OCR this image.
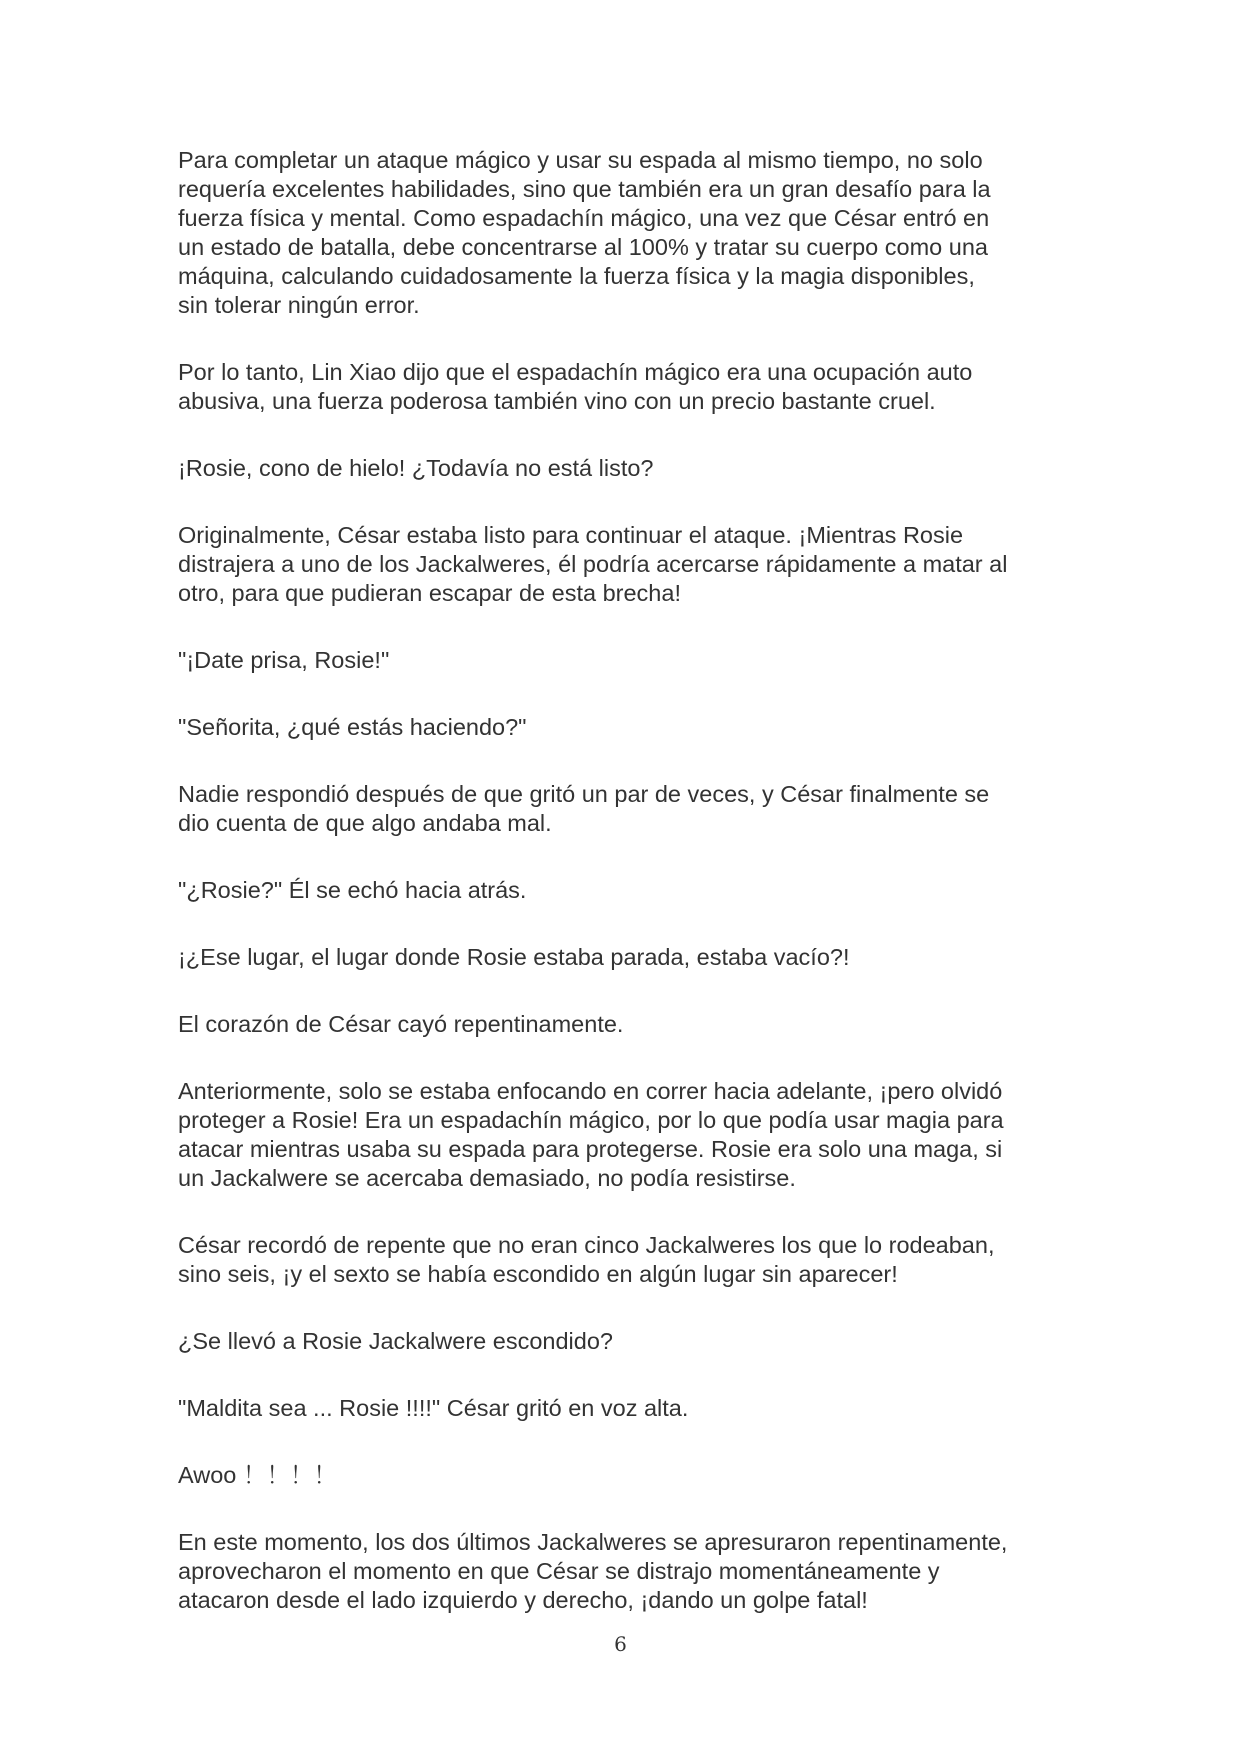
Para completar un ataque mágico y usar su espada al mismo tiempo, no solo
requería excelentes habilidades, sino que también era un gran desafío para la
fuerza física y mental. Como espadachín mágico, una vez que César entró en
un estado de batalla, debe concentrarse al 100% y tratar su cuerpo como una
máquina, calculando cuidadosamente la fuerza física y la magia disponibles,
sin tolerar ningún error.

Por lo tanto, Lin Xiao dijo que el espadachín mágico era una ocupación auto
abusiva, una fuerza poderosa también vino con un precio bastante cruel.

¡Rosie, cono de hielo! ¿Todavía no está listo?

Originalmente, César estaba listo para continuar el ataque. ¡Mientras Rosie
distrajera a uno de los Jackalweres, él podría acercarse rápidamente a matar al
otro, para que pudieran escapar de esta brecha!

"¡Date prisa, Rosie!"

"Señorita, ¿qué estás haciendo?"

Nadie respondió después de que gritó un par de veces, y César finalmente se
dio cuenta de que algo andaba mal.

"¿Rosie?" Él se echó hacia atrás.

¡¿Ese lugar, el lugar donde Rosie estaba parada, estaba vacío?!

El corazón de César cayó repentinamente.

Anteriormente, solo se estaba enfocando en correr hacia adelante, ¡pero olvidó
proteger a Rosie! Era un espadachín mágico, por lo que podía usar magia para
atacar mientras usaba su espada para protegerse. Rosie era solo una maga, si
un Jackalwere se acercaba demasiado, no podía resistirse.

César recordó de repente que no eran cinco Jackalweres los que lo rodeaban,
sino seis, ¡y el sexto se había escondido en algún lugar sin aparecer!

¿Se llevó a Rosie Jackalwere escondido?

"Maldita sea ... Rosie !!!!" César gritó en voz alta.

Awoo ！！！！

En este momento, los dos últimos Jackalweres se apresuraron repentinamente,
aprovecharon el momento en que César se distrajo momentáneamente y
atacaron desde el lado izquierdo y derecho, ¡dando un golpe fatal!

6
